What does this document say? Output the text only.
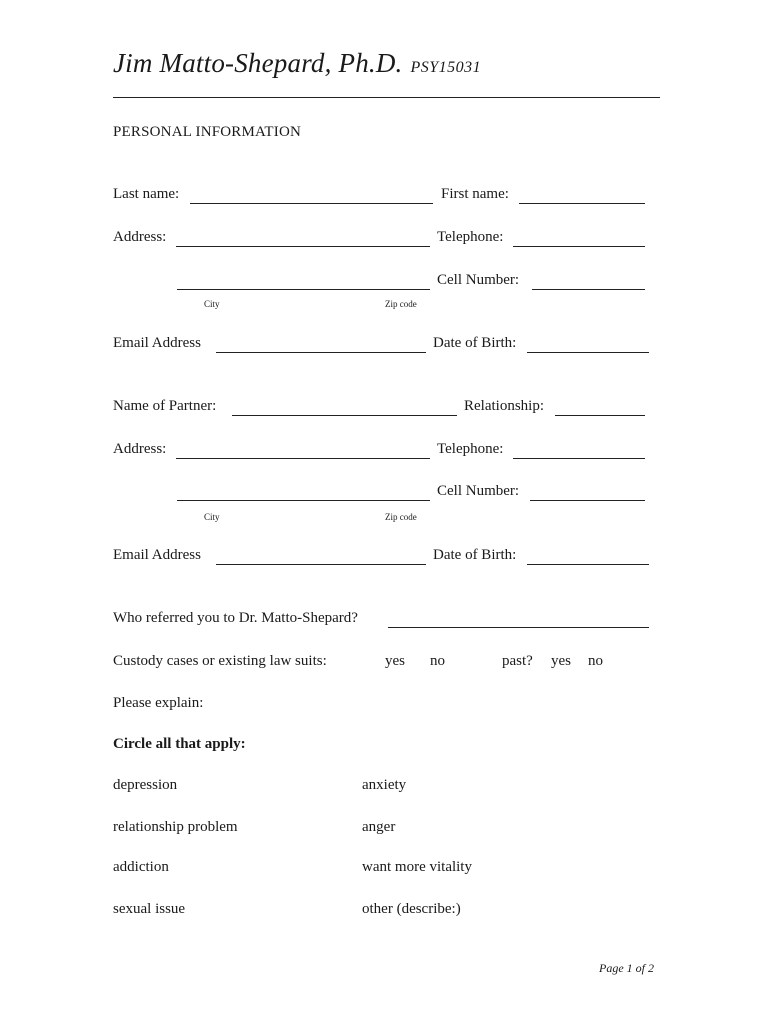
Jim Matto-Shepard, Ph.D. PSY15031
PERSONAL INFORMATION
Last name:	First name:
Address:	Telephone:
Cell Number:
City	Zip code
Email Address	Date of Birth:
Name of Partner:	Relationship:
Address:	Telephone:
Cell Number:
City	Zip code
Email Address	Date of Birth:
Who referred you to Dr. Matto-Shepard?
Custody cases or existing law suits:	yes no	past? yes no
Please explain:
Circle all that apply:
depression	anxiety
relationship problem	anger
addiction	want more vitality
sexual issue	other (describe:)
Page 1 of 2
